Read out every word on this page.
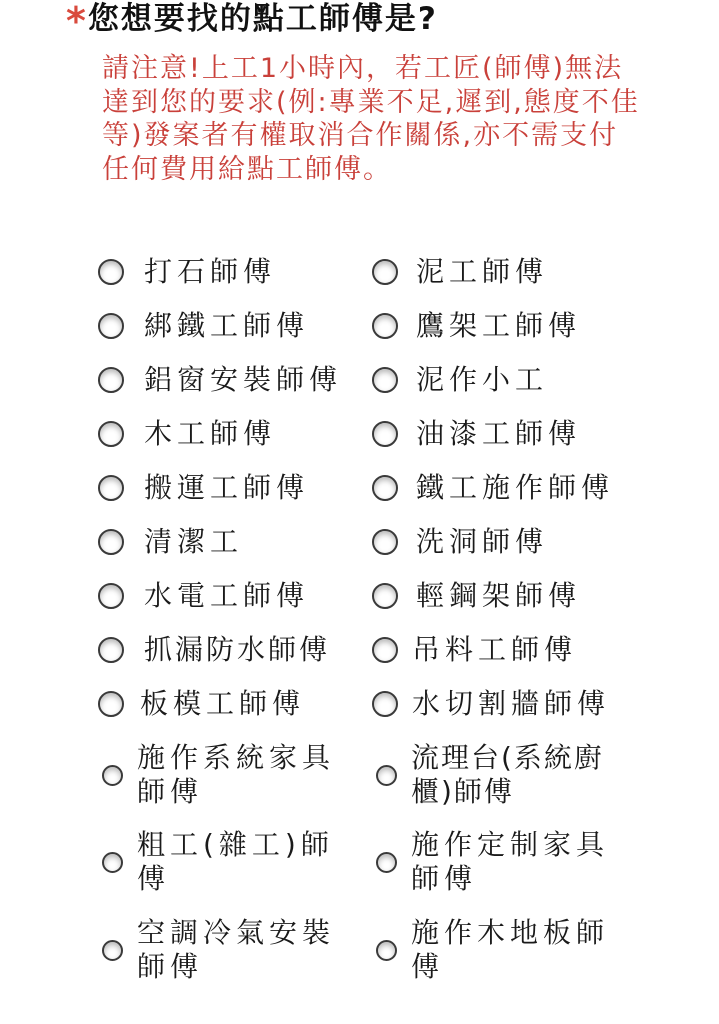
* 您想要找的點工師傅是?
請注意!上工1小時內，若工匠(師傅)無法達到您的要求(例:專業不足,遲到,態度不佳等)發案者有權取消合作關係,亦不需支付任何費用給點工師傅。
打石師傅
綁鐵工師傅
鋁窗安裝師傅
木工師傅
搬運工師傅
清潔工
水電工師傅
抓漏防水師傅
板模工師傅
施作系統家具師傅
粗工(雜工)師傅
空調冷氣安裝師傅
泥工師傅
鷹架工師傅
泥作小工
油漆工師傅
鐵工施作師傅
洗洞師傅
輕鋼架師傅
吊料工師傅
水切割牆師傅
流理台(系統廚櫃)師傅
施作定制家具師傅
施作木地板師傅
